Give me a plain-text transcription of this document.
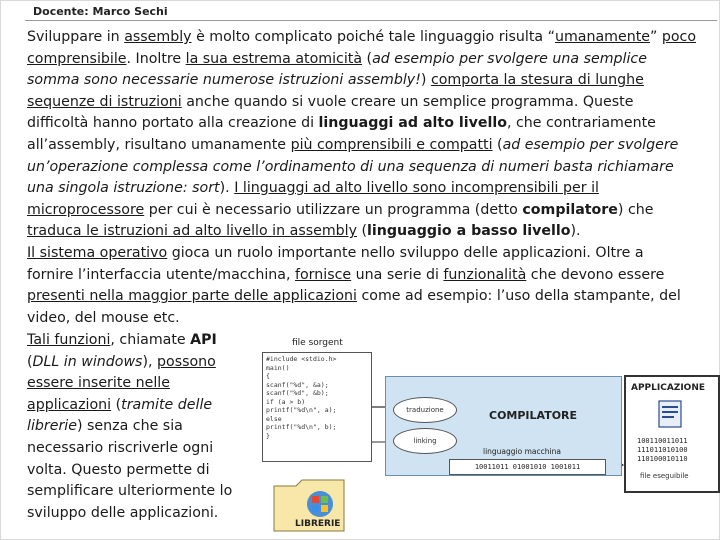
Docente: Marco Sechi

Sviluppare in assembly è molto complicato poiché tale linguaggio risulta “umanamente” poco

comprensibile. Inoltre la sua estrema atomicità (ad esempio per svolgere una semplice

somma sono necessarie numerose istruzioni assembly!) comporta la stesura di lunghe

sequenze di istruzioni anche quando si vuole creare un semplice programma. Queste

difficoltà hanno portato alla creazione di linguaggi ad alto livello, che contrariamente

all’assembly, risultano umanamente più comprensibili e compatti (ad esempio per svolgere

un’operazione complessa come l’ordinamento di una sequenza di numeri basta richiamare

una singola istruzione: sort). I linguaggi ad alto livello sono incomprensibili per il

microprocessore per cui è necessario utilizzare un programma (detto compilatore) che

traduca le istruzioni ad alto livello in assembly (linguaggio a basso livello).

Il sistema operativo gioca un ruolo importante nello sviluppo delle applicazioni. Oltre a

fornire l’interfaccia utente/macchina, fornisce una serie di funzionalità che devono essere

presenti nella maggior parte delle applicazioni come ad esempio: l’uso della stampante, del

video, del mouse etc.

Tali funzioni, chiamate API
(DLL in windows), possono
essere inserite nelle
applicazioni (tramite delle
librerie) senza che sia
necessario riscriverle ogni
volta. Questo permette di
semplificare ulteriormente lo
sviluppo delle applicazioni.
file sorgent
#include <stdio.h>
main()
{
scanf("%d", &a);
scanf("%d", &b);
if (a > b)
printf("%d\n", a);
else
printf("%d\n", b);
}
COMPILATORE
traduzione
linking
linguaggio macchina
10011011 01001010 1001011
APPLICAZIONE
100110011011
111011010100
110100010110
file eseguibile
LIBRERIE
